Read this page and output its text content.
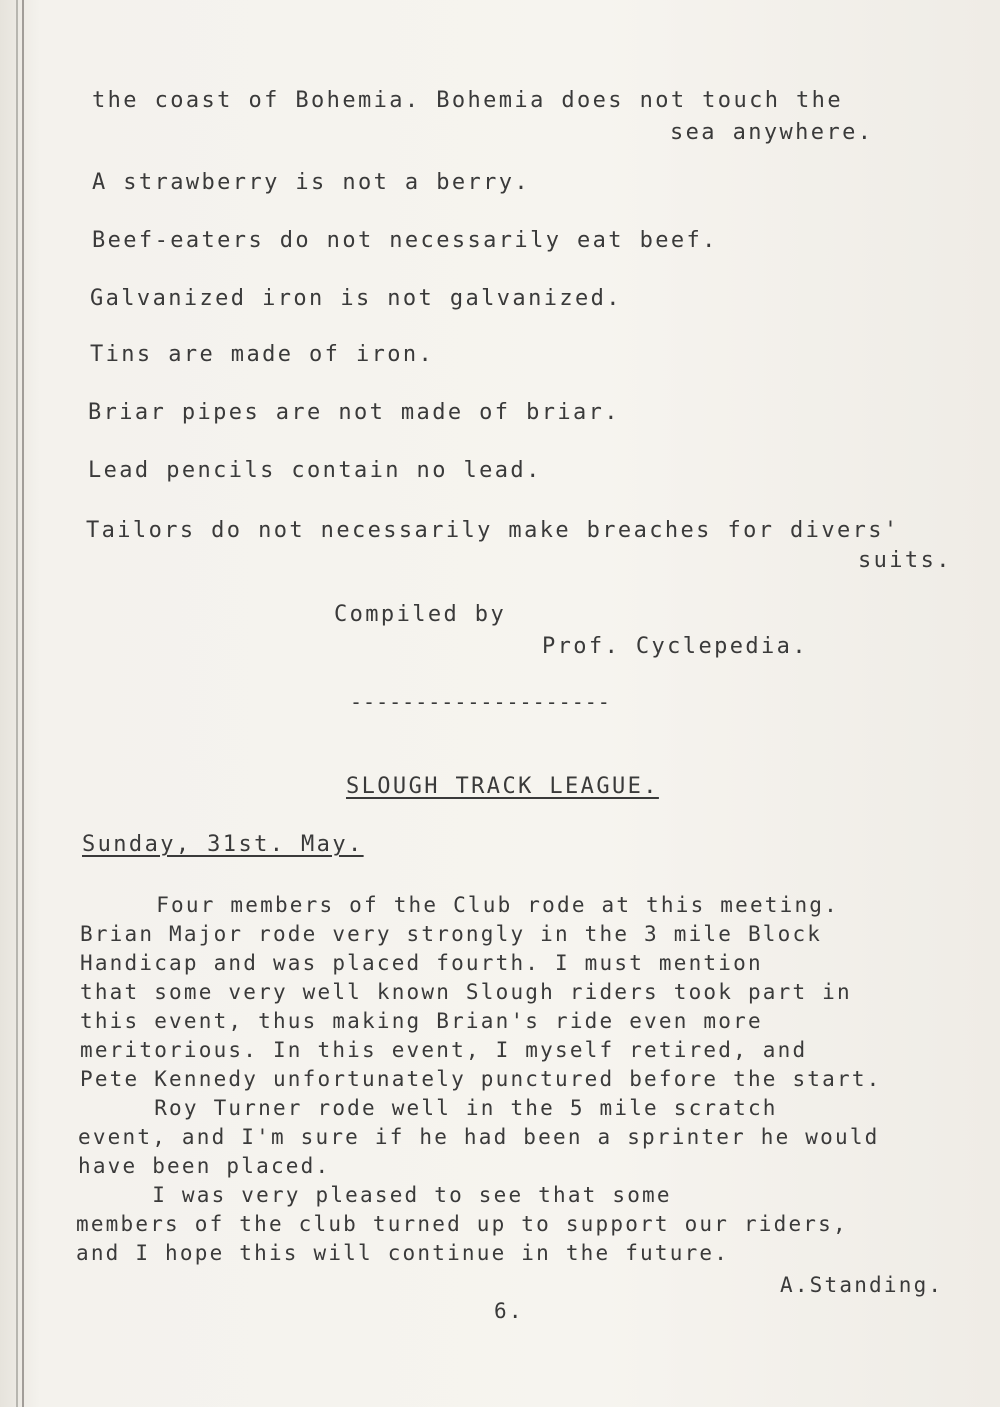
the coast of Bohemia. Bohemia does not touch the
sea anywhere.
A strawberry is not a berry.
Beef-eaters do not necessarily eat beef.
Galvanized iron is not galvanized.
Tins are made of iron.
Briar pipes are not made of briar.
Lead pencils contain no lead.
Tailors do not necessarily make breaches for divers'
suits.
Compiled by
Prof. Cyclepedia.
--------------------
SLOUGH TRACK LEAGUE.
Sunday, 31st. May.
Four members of the Club rode at this meeting.
Brian Major rode very strongly in the 3 mile Block
Handicap and was placed fourth. I must mention
that some very well known Slough riders took part in
this event, thus making Brian's ride even more
meritorious. In this event, I myself retired, and
Pete Kennedy unfortunately punctured before the start.
Roy Turner rode well in the 5 mile scratch
event, and I'm sure if he had been a sprinter he would
have been placed.
I was very pleased to see that some
members of the club turned up to support our riders,
and I hope this will continue in the future.
A.Standing.
6.
